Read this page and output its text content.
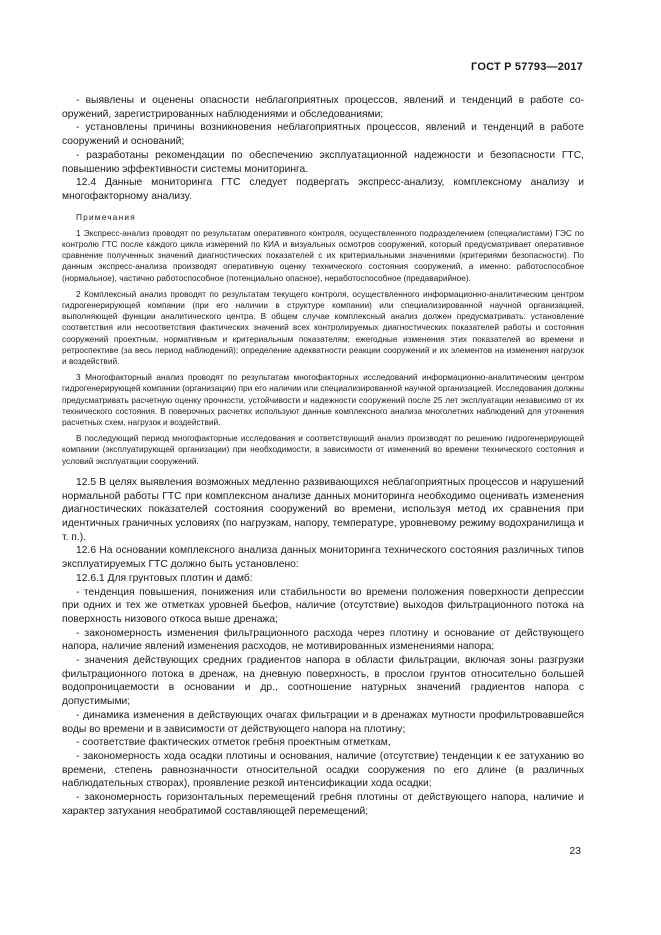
ГОСТ Р 57793—2017

- выявлены и оценены опасности неблагоприятных процессов, явлений и тенденций в работе сооружений, зарегистрированных наблюдениями и обследованиями;

- установлены причины возникновения неблагоприятных процессов, явлений и тенденций в работе сооружений и оснований;

- разработаны рекомендации по обеспечению эксплуатационной надежности и безопасности ГТС, повышению эффективности системы мониторинга.

12.4 Данные мониторинга ГТС следует подвергать экспресс-анализу, комплексному анализу и многофакторному анализу.

Примечания

1 Экспресс-анализ проводят по результатам оперативного контроля, осуществленного подразделением (специалистами) ГЭС по контролю ГТС после каждого цикла измерений по КИА и визуальных осмотров сооружений, который предусматривает оперативное сравнение полученных значений диагностических показателей с их критериальными значениями (критериями безопасности). По данным экспресс-анализа производят оперативную оценку технического состояния сооружений, а именно: работоспособное (нормальное), частично работоспособное (потенциально опасное), неработоспособное (предаварийное).

2 Комплексный анализ проводят по результатам текущего контроля, осуществленного информационно-аналитическим центром гидрогенерирующей компании (при его наличии в структуре компании) или специализированной научной организацией, выполняющей функции аналитического центра. В общем случае комплексный анализ должен предусматривать: установление соответствия или несоответствия фактических значений всех контролируемых диагностических показателей работы и состояния сооружений проектным, нормативным и критериальным показателям; ежегодные изменения этих показателей во времени и ретроспективе (за весь период наблюдений); определение адекватности реакции сооружений и их элементов на изменения нагрузок и воздействий.

3 Многофакторный анализ проводят по результатам многофакторных исследований информационно-аналитическим центром гидрогенерирующей компании (организации) при его наличии или специализированной научной организацией. Исследования должны предусматривать расчетную оценку прочности, устойчивости и надежности сооружений после 25 лет эксплуатации независимо от их технического состояния. В поверочных расчетах используют данные комплексного анализа многолетних наблюдений для уточнения расчетных схем, нагрузок и воздействий.

В последующий период многофакторные исследования и соответствующий анализ производят по решению гидрогенерирующей компании (эксплуатирующей организации) при необходимости, в зависимости от изменений во времени технического состояния и условий эксплуатации сооружений.

12.5 В целях выявления возможных медленно развивающихся неблагоприятных процессов и нарушений нормальной работы ГТС при комплексном анализе данных мониторинга необходимо оценивать изменения диагностических показателей состояния сооружений во времени, используя метод их сравнения при идентичных граничных условиях (по нагрузкам, напору, температуре, уровневому режиму водохранилища и т. п.).

12.6 На основании комплексного анализа данных мониторинга технического состояния различных типов эксплуатируемых ГТС должно быть установлено:

12.6.1 Для грунтовых плотин и дамб:

- тенденция повышения, понижения или стабильности во времени положения поверхности депрессии при одних и тех же отметках уровней бьефов, наличие (отсутствие) выходов фильтрационного потока на поверхность низового откоса выше дренажа;

- закономерность изменения фильтрационного расхода через плотину и основание от действующего напора, наличие явлений изменения расходов, не мотивированных изменениями напора;

- значения действующих средних градиентов напора в области фильтрации, включая зоны разгрузки фильтрационного потока в дренаж, на дневную поверхность, в прослои грунтов относительно большей водопроницаемости в основании и др., соотношение натурных значений градиентов напора с допустимыми;

- динамика изменения в действующих очагах фильтрации и в дренажах мутности профильтровавшейся воды во времени и в зависимости от действующего напора на плотину;

- соответствие фактических отметок гребня проектным отметкам,

- закономерность хода осадки плотины и основания, наличие (отсутствие) тенденции к ее затуханию во времени, степень равнозначности относительной осадки сооружения по его длине (в различных наблюдательных створах), проявление резкой интенсификации хода осадки;

- закономерность горизонтальных перемещений гребня плотины от действующего напора, наличие и характер затухания необратимой составляющей перемещений;

23
